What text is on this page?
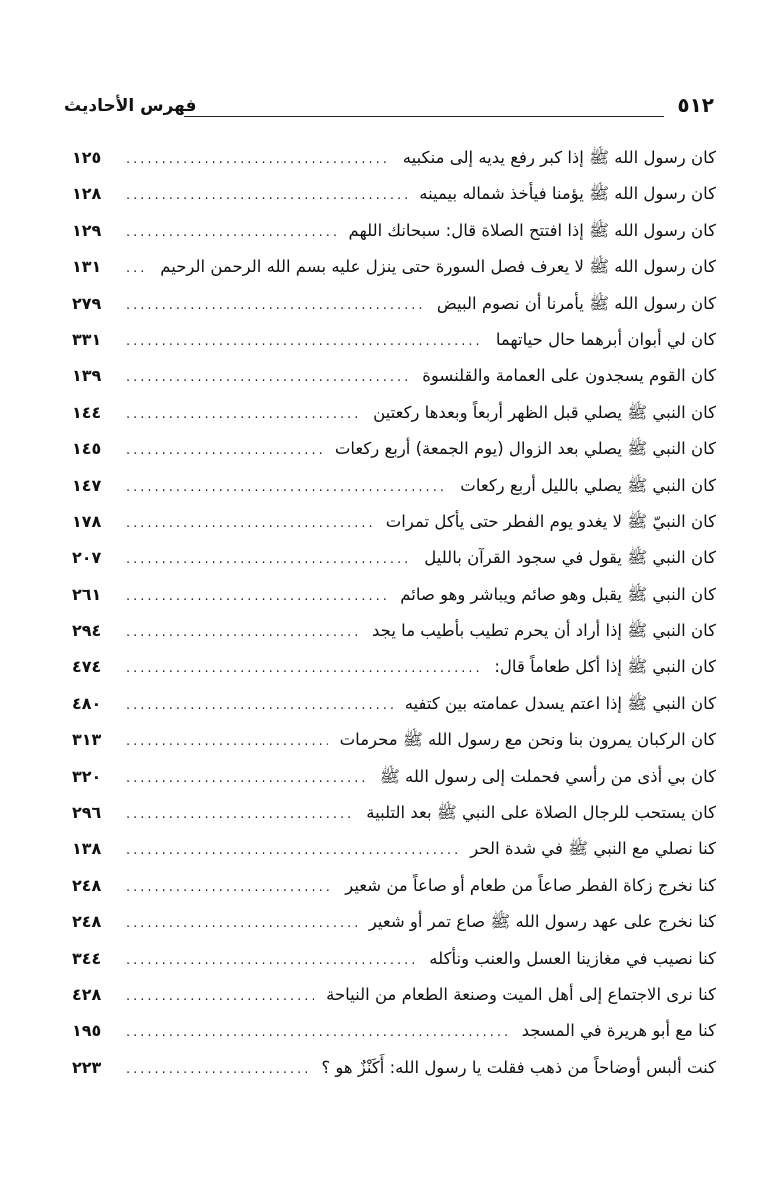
٥١٢
فهرس الأحاديث
كان رسول الله ﷺ إذا كبر رفع يديه إلى منكبيه
.....
١٢٥
كان رسول الله ﷺ يؤمنا فيأخذ شماله بيمينه
.....
١٢٨
كان رسول الله ﷺ إذا افتتح الصلاة قال: سبحانك اللهم
.....
١٢٩
كان رسول الله ﷺ لا يعرف فصل السورة حتى ينزل عليه بسم الله الرحمن الرحيم
.....
١٣١
كان رسول الله ﷺ يأمرنا أن نصوم البيض
.....
٢٧٩
كان لي أبوان أبرهما حال حياتهما
.....
٣٣١
كان القوم يسجدون على العمامة والقلنسوة
.....
١٣٩
كان النبي ﷺ يصلي قبل الظهر أربعاً وبعدها ركعتين
.....
١٤٤
كان النبي ﷺ يصلي بعد الزوال (يوم الجمعة) أربع ركعات
.....
١٤٥
كان النبي ﷺ يصلي بالليل أربع ركعات
.....
١٤٧
كان النبيّ ﷺ لا يغدو يوم الفطر حتى يأكل تمرات
.....
١٧٨
كان النبي ﷺ يقول في سجود القرآن بالليل
.....
٢٠٧
كان النبي ﷺ يقبل وهو صائم ويباشر وهو صائم
.....
٢٦١
كان النبي ﷺ إذا أراد أن يحرم تطيب بأطيب ما يجد
.....
٢٩٤
كان النبي ﷺ إذا أكل طعاماً قال:
.....
٤٧٤
كان النبي ﷺ إذا اعتم يسدل عمامته بين كتفيه
.....
٤٨٠
كان الركبان يمرون بنا ونحن مع رسول الله ﷺ محرمات
.....
٣١٣
كان بي أذى من رأسي فحملت إلى رسول الله ﷺ
.....
٣٢٠
كان يستحب للرجال الصلاة على النبي ﷺ بعد التلبية
.....
٢٩٦
كنا نصلي مع النبي ﷺ في شدة الحر
.....
١٣٨
كنا نخرج زكاة الفطر صاعاً من طعام أو صاعاً من شعير
.....
٢٤٨
كنا نخرج على عهد رسول الله ﷺ صاع تمر أو شعير
.....
٢٤٨
كنا نصيب في مغازينا العسل والعنب ونأكله
.....
٣٤٤
كنا نرى الاجتماع إلى أهل الميت وصنعة الطعام من النياحة
.....
٤٢٨
كنا مع أبو هريرة في المسجد
.....
١٩٥
كنت ألبس أوضاحاً من ذهب فقلت يا رسول الله: أَكَنْزٌ هو ؟
.....
٢٢٣
